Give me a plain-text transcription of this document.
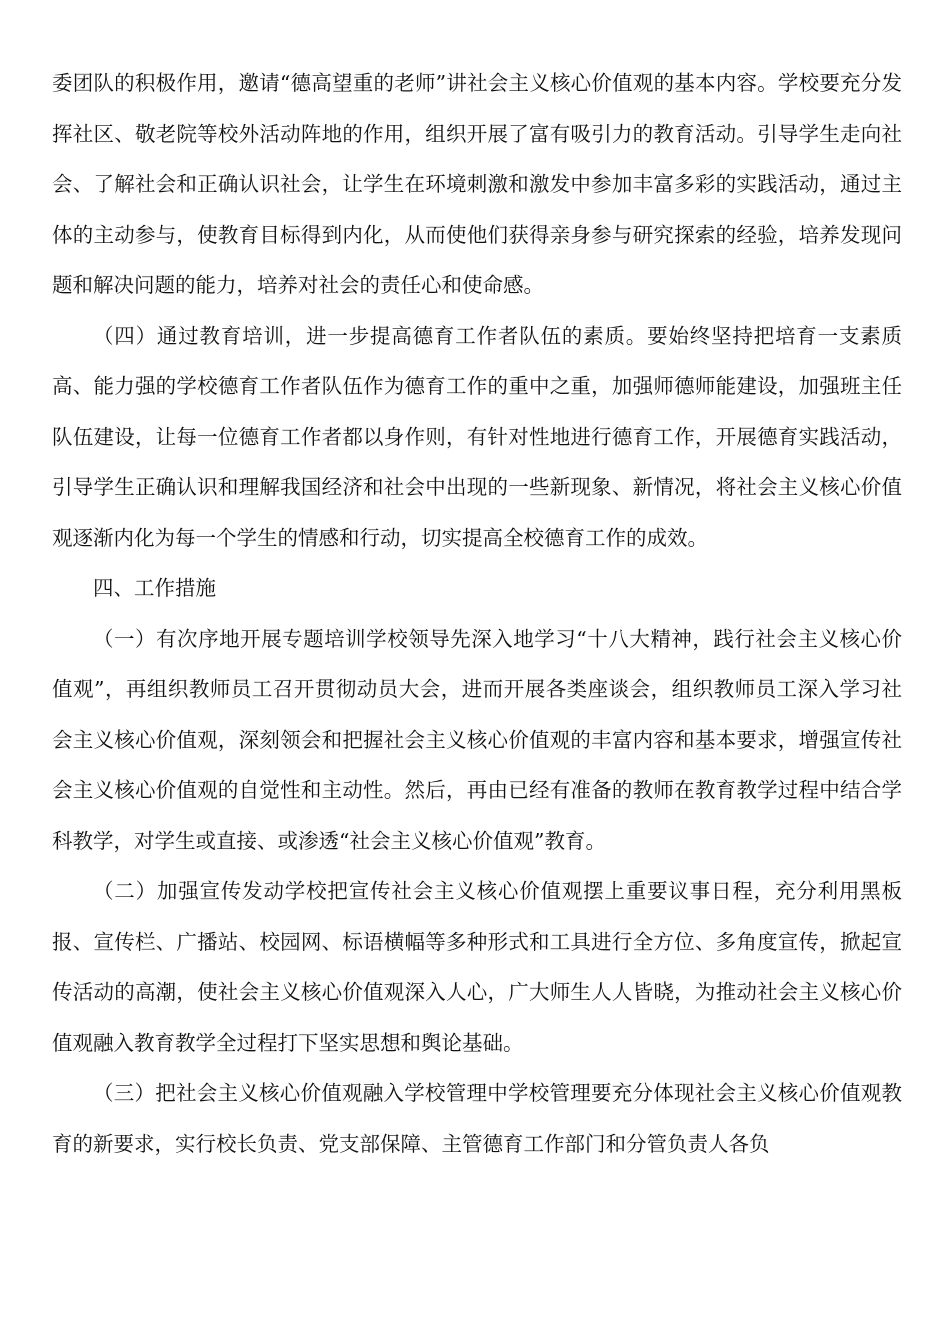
委团队的积极作用，邀请“德高望重的老师”讲社会主义核心价值观的基本内容。学校要充分发挥社区、敬老院等校外活动阵地的作用，组织开展了富有吸引力的教育活动。引导学生走向社会、了解社会和正确认识社会，让学生在环境刺激和激发中参加丰富多彩的实践活动，通过主体的主动参与，使教育目标得到内化，从而使他们获得亲身参与研究探索的经验，培养发现问题和解决问题的能力，培养对社会的责任心和使命感。

（四）通过教育培训，进一步提高德育工作者队伍的素质。要始终坚持把培育一支素质高、能力强的学校德育工作者队伍作为德育工作的重中之重，加强师德师能建设，加强班主任队伍建设，让每一位德育工作者都以身作则，有针对性地进行德育工作，开展德育实践活动，引导学生正确认识和理解我国经济和社会中出现的一些新现象、新情况，将社会主义核心价值观逐渐内化为每一个学生的情感和行动，切实提高全校德育工作的成效。

四、工作措施

（一）有次序地开展专题培训学校领导先深入地学习“十八大精神，践行社会主义核心价值观”，再组织教师员工召开贯彻动员大会，进而开展各类座谈会，组织教师员工深入学习社会主义核心价值观，深刻领会和把握社会主义核心价值观的丰富内容和基本要求，增强宣传社会主义核心价值观的自觉性和主动性。然后，再由已经有准备的教师在教育教学过程中结合学科教学，对学生或直接、或渗透“社会主义核心价值观”教育。

（二）加强宣传发动学校把宣传社会主义核心价值观摆上重要议事日程，充分利用黑板报、宣传栏、广播站、校园网、标语横幅等多种形式和工具进行全方位、多角度宣传，掀起宣传活动的高潮，使社会主义核心价值观深入人心，广大师生人人皆晓，为推动社会主义核心价值观融入教育教学全过程打下坚实思想和舆论基础。

（三）把社会主义核心价值观融入学校管理中学校管理要充分体现社会主义核心价值观教育的新要求，实行校长负责、党支部保障、主管德育工作部门和分管负责人各负
